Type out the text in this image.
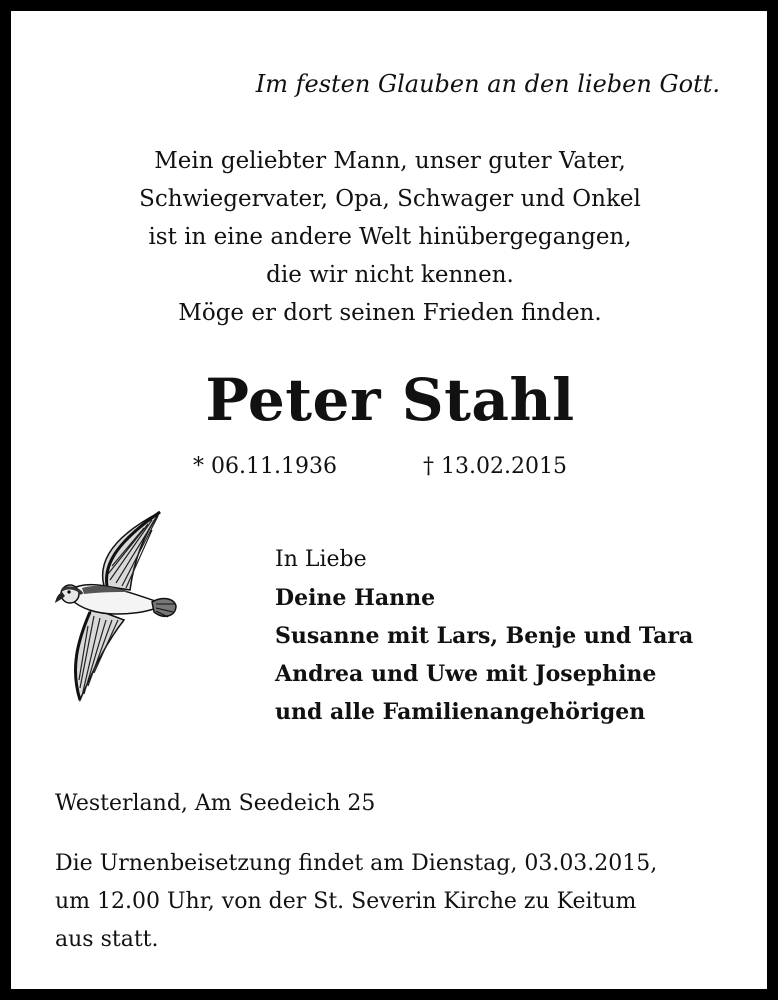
Im festen Glauben an den lieben Gott.
Mein geliebter Mann, unser guter Vater,
Schwiegervater, Opa, Schwager und Onkel
ist in eine andere Welt hinübergegangen,
die wir nicht kennen.
Möge er dort seinen Frieden finden.
Peter Stahl
* 06.11.1936	† 13.02.2015
In Liebe
Deine Hanne
Susanne mit Lars, Benje und Tara
Andrea und Uwe mit Josephine
und alle Familienangehörigen
Westerland, Am Seedeich 25
Die Urnenbeisetzung findet am Dienstag, 03.03.2015,
um 12.00 Uhr, von der St. Severin Kirche zu Keitum
aus statt.
